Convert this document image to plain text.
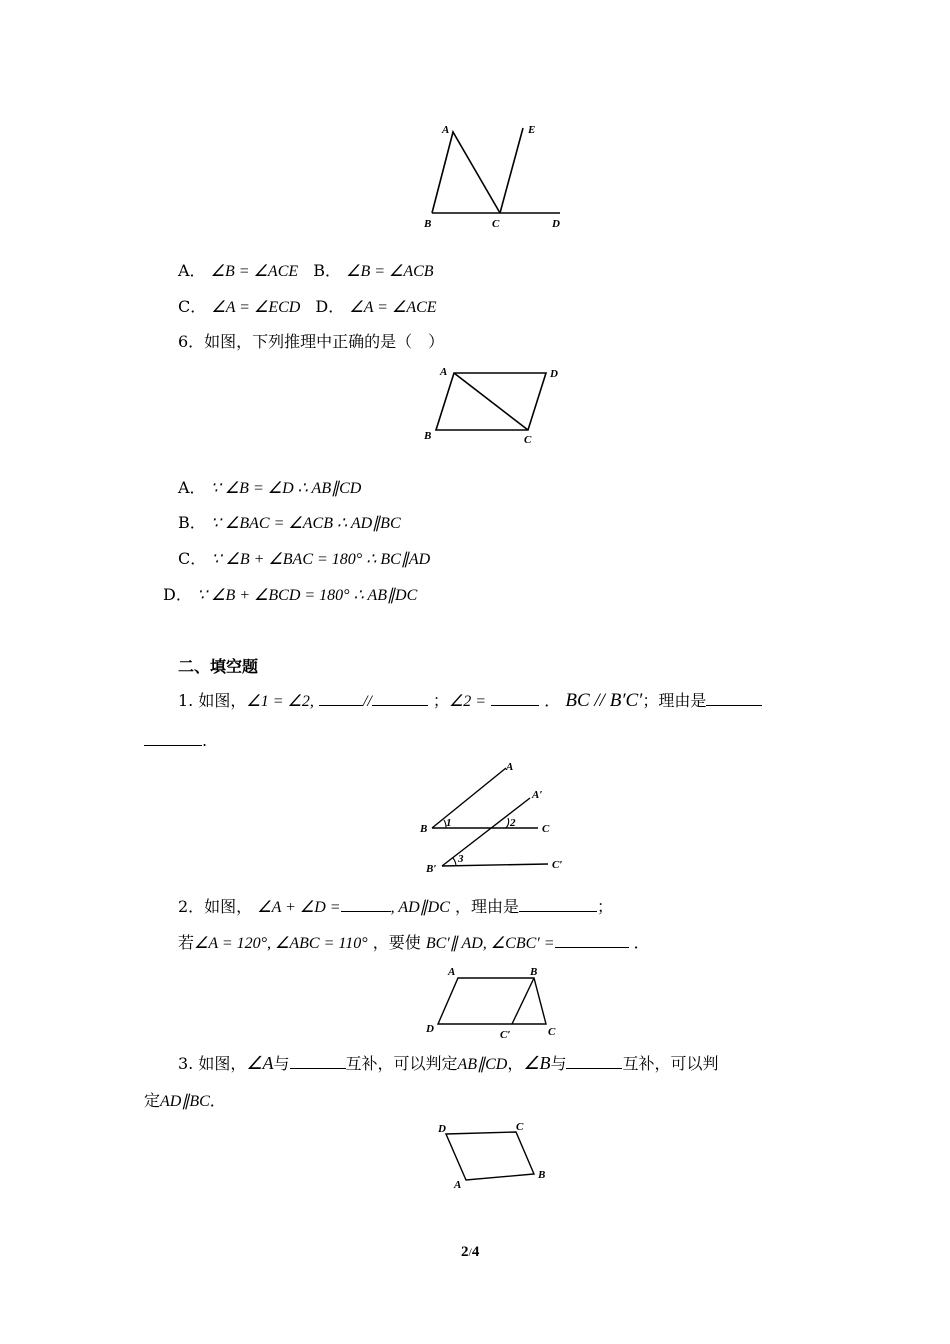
A	E
B	C	D
A． ∠B = ∠ACE B． ∠B = ∠ACB
C． ∠A = ∠ECD D． ∠A = ∠ACE
6．如图，下列推理中正确的是（　）
A	D
B	C
A． ∵ ∠B = ∠D ∴ AB∥CD
B． ∵ ∠BAC = ∠ACB ∴ AD∥BC
C． ∵ ∠B + ∠BAC = 180° ∴ BC∥AD
D． ∵ ∠B + ∠BCD = 180° ∴ AB∥DC
二、填空题
1. 如图，∠1 = ∠2,	//	；∠2 =	． BC // B′C′；理由是
.
A
A′
B 1	2 C
B′
3	C′
2．如图， ∠A + ∠D =	, AD∥DC ，理由是	；
若∠A = 120°, ∠ABC = 110° ，要使 BC′∥ AD, ∠CBC′ =	．
A	B
D	C′	C
3. 如图，∠A与	互补，可以判定AB∥CD，∠B与	互补，可以判
定AD∥BC．
D	C
B
A
2/4
